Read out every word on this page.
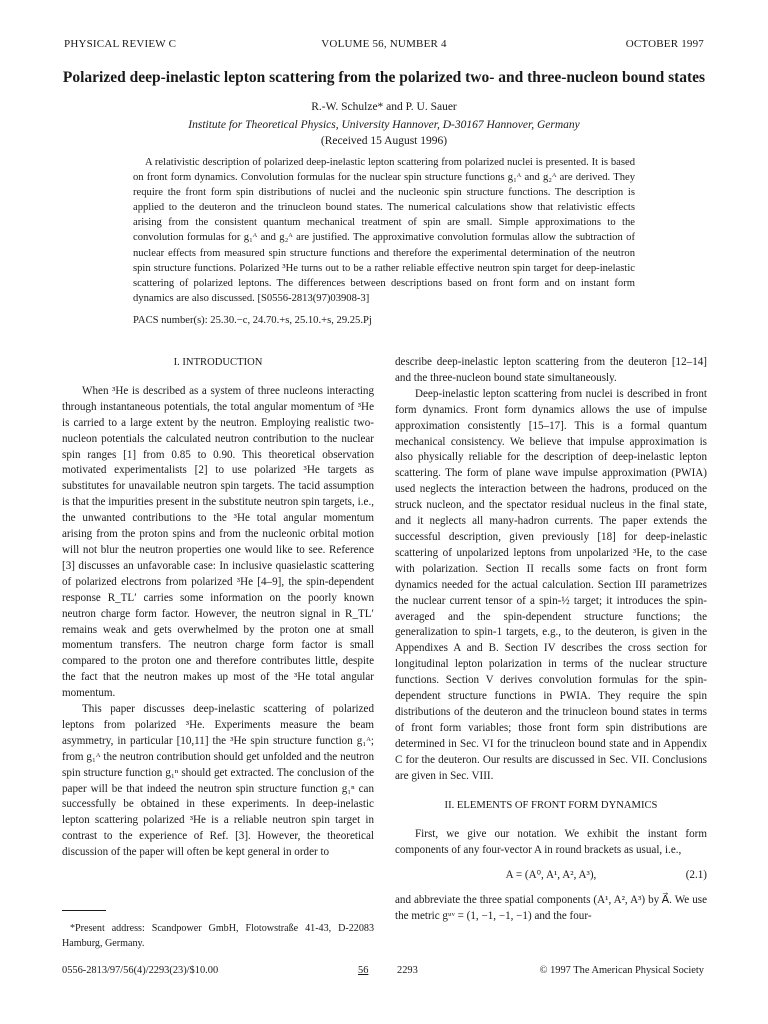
PHYSICAL REVIEW C	VOLUME 56, NUMBER 4	OCTOBER 1997
Polarized deep-inelastic lepton scattering from the polarized two- and three-nucleon bound states
R.-W. Schulze* and P. U. Sauer
Institute for Theoretical Physics, University Hannover, D-30167 Hannover, Germany
(Received 15 August 1996)
A relativistic description of polarized deep-inelastic lepton scattering from polarized nuclei is presented. It is based on front form dynamics. Convolution formulas for the nuclear spin structure functions g₁ᴬ and g₂ᴬ are derived. They require the front form spin distributions of nuclei and the nucleonic spin structure functions. The description is applied to the deuteron and the trinucleon bound states. The numerical calculations show that relativistic effects arising from the consistent quantum mechanical treatment of spin are small. Simple approximations to the convolution formulas for g₁ᴬ and g₂ᴬ are justified. The approximative convolution formulas allow the subtraction of nuclear effects from measured spin structure functions and therefore the experimental determination of the neutron spin structure functions. Polarized ³He turns out to be a rather reliable effective neutron spin target for deep-inelastic scattering of polarized leptons. The differences between descriptions based on front form and on instant form dynamics are also discussed. [S0556-2813(97)03908-3]
PACS number(s): 25.30.−c, 24.70.+s, 25.10.+s, 29.25.Pj
I. INTRODUCTION

When ³He is described as a system of three nucleons interacting through instantaneous potentials, the total angular momentum of ³He is carried to a large extent by the neutron. Employing realistic two-nucleon potentials the calculated neutron contribution to the nuclear spin ranges [1] from 0.85 to 0.90. This theoretical observation motivated experimentalists [2] to use polarized ³He targets as substitutes for unavailable neutron spin targets. The tacid assumption is that the impurities present in the substitute neutron spin targets, i.e., the unwanted contributions to the ³He total angular momentum arising from the proton spins and from the nucleonic orbital motion will not blur the neutron properties one would like to see. Reference [3] discusses an unfavorable case: In inclusive quasielastic scattering of polarized electrons from polarized ³He [4–9], the spin-dependent response R_TL′ carries some information on the poorly known neutron charge form factor. However, the neutron signal in R_TL′ remains weak and gets overwhelmed by the proton one at small momentum transfers. The neutron charge form factor is small compared to the proton one and therefore contributes little, despite the fact that the neutron makes up most of the ³He total angular momentum.

This paper discusses deep-inelastic scattering of polarized leptons from polarized ³He. Experiments measure the beam asymmetry, in particular [10,11] the ³He spin structure function g₁ᴬ; from g₁ᴬ the neutron contribution should get unfolded and the neutron spin structure function g₁ⁿ should get extracted. The conclusion of the paper will be that indeed the neutron spin structure function g₁ⁿ can successfully be obtained in these experiments. In deep-inelastic lepton scattering polarized ³He is a reliable neutron spin target in contrast to the experience of Ref. [3]. However, the theoretical discussion of the paper will often be kept general in order to

describe deep-inelastic lepton scattering from the deuteron [12–14] and the three-nucleon bound state simultaneously.

Deep-inelastic lepton scattering from nuclei is described in front form dynamics. Front form dynamics allows the use of impulse approximation consistently [15–17]. This is a formal quantum mechanical consistency. We believe that impulse approximation is also physically reliable for the description of deep-inelastic lepton scattering. The form of plane wave impulse approximation (PWIA) used neglects the interaction between the hadrons, produced on the struck nucleon, and the spectator residual nucleus in the final state, and it neglects all many-hadron currents. The paper extends the successful description, given previously [18] for deep-inelastic scattering of unpolarized leptons from unpolarized ³He, to the case with polarization. Section II recalls some facts on front form dynamics needed for the actual calculation. Section III parametrizes the nuclear current tensor of a spin-½ target; it introduces the spin-averaged and the spin-dependent structure functions; the generalization to spin-1 targets, e.g., to the deuteron, is given in the Appendixes A and B. Section IV describes the cross section for longitudinal lepton polarization in terms of the nuclear structure functions. Section V derives convolution formulas for the spin-dependent structure functions in PWIA. They require the spin distributions of the deuteron and the trinucleon bound states in terms of front form variables; those front form spin distributions are determined in Sec. VI for the trinucleon bound state and in Appendix C for the deuteron. Our results are discussed in Sec. VII. Conclusions are given in Sec. VIII.

II. ELEMENTS OF FRONT FORM DYNAMICS

First, we give our notation. We exhibit the instant form components of any four-vector A in round brackets as usual, i.e.,

A = (A⁰, A¹, A², A³),	(2.1)

and abbreviate the three spatial components (A¹, A², A³) by A⃗. We use the metric gᵘᵛ = (1, −1, −1, −1) and the four-

*Present address: Scandpower GmbH, Flotowstraße 41-43, D-22083 Hamburg, Germany.
0556-2813/97/56(4)/2293(23)/$10.00	56	2293	© 1997 The American Physical Society
